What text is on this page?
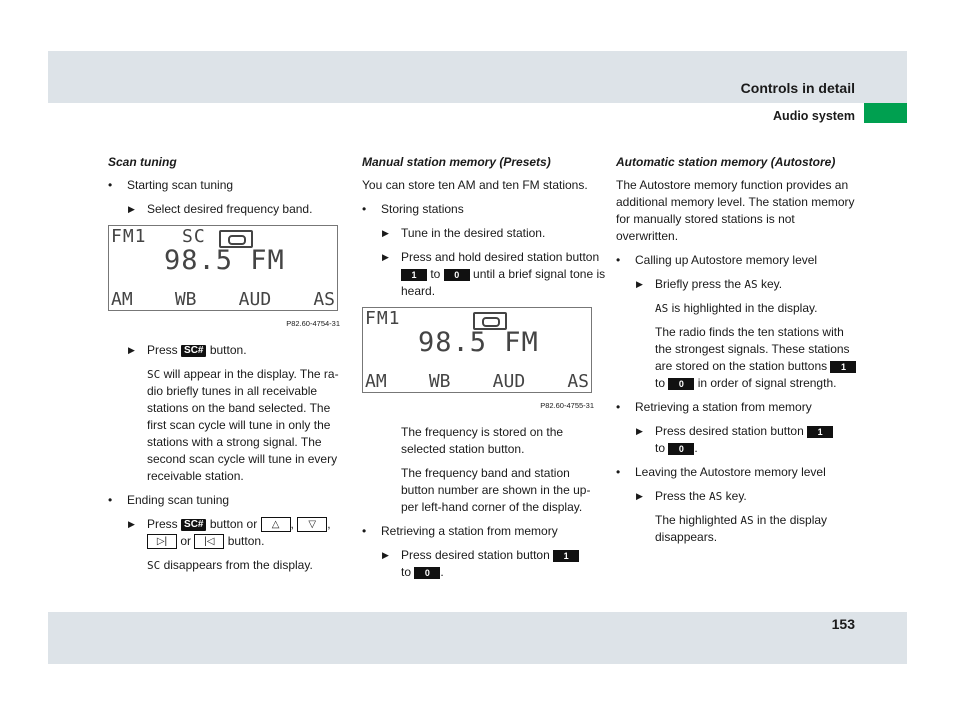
Controls in detail
Audio system
Scan tuning
• Starting scan tuning
▶ Select desired frequency band.
FM1 SC
98.5 FM
AM WB AUD AS
P82.60-4754-31
▶ Press SC# button.
SC will appear in the display. The ra-dio briefly tunes in all receivable stations on the band selected. The first scan cycle will tune in only the stations with a strong signal. The second scan cycle will tune in every receivable station.
• Ending scan tuning
▶ Press SC# button or △ , ▽ ,
▷| or |◁ button.
SC disappears from the display.
Manual station memory (Presets)

You can store ten AM and ten FM stations.

• Storing stations
▶ Tune in the desired station.
▶ Press and hold desired station button 1 to 0 until a brief signal tone is heard.
FM1
98.5 FM
AM WB AUD AS
P82.60-4755-31
The frequency is stored on the selected station button.
The frequency band and station button number are shown in the up-per left-hand corner of the display.
• Retrieving a station from memory
▶ Press desired station button 1
to 0 .
Automatic station memory (Autostore)

The Autostore memory function provides an additional memory level. The station memory for manually stored stations is not overwritten.

• Calling up Autostore memory level
▶ Briefly press the AS key.
AS is highlighted in the display.
The radio finds the ten stations with the strongest signals. These stations are stored on the station buttons 1 to 0 in order of signal strength.
• Retrieving a station from memory
▶ Press desired station button 1
to 0 .
• Leaving the Autostore memory level
▶ Press the AS key.
The highlighted AS in the display disappears.
153
